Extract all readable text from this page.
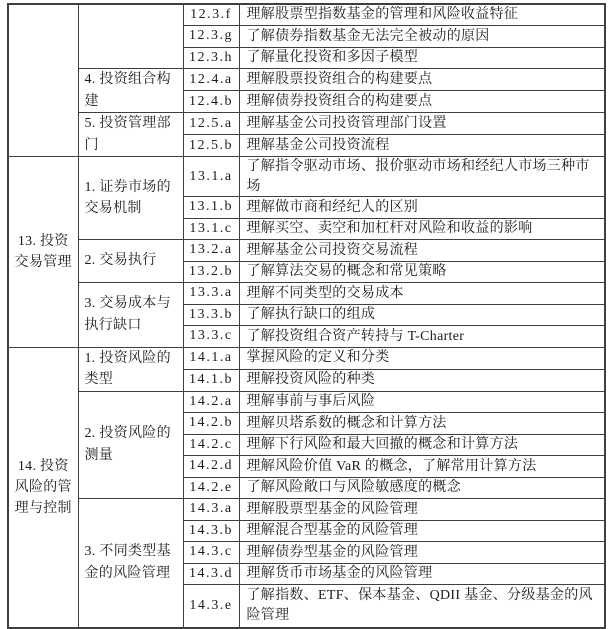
		12.3.f	理解股票型指数基金的管理和风险收益特征
		12.3.g	了解债券指数基金无法完全被动的原因
		12.3.h	了解量化投资和多因子模型
	4. 投资组合构建	12.4.a	理解股票投资组合的构建要点
		12.4.b	理解债券投资组合的构建要点
	5. 投资管理部门	12.5.a	理解基金公司投资管理部门设置
		12.5.b	理解基金公司投资流程
13. 投资交易管理	1. 证券市场的交易机制	13.1.a	了解指令驱动市场、报价驱动市场和经纪人市场三种市场
		13.1.b	理解做市商和经纪人的区别
		13.1.c	理解买空、卖空和加杠杆对风险和收益的影响
	2. 交易执行	13.2.a	理解基金公司投资交易流程
		13.2.b	了解算法交易的概念和常见策略
	3. 交易成本与执行缺口	13.3.a	理解不同类型的交易成本
		13.3.b	了解执行缺口的组成
		13.3.c	了解投资组合资产转持与 T-Charter
14. 投资风险的管理与控制	1. 投资风险的类型	14.1.a	掌握风险的定义和分类
		14.1.b	理解投资风险的种类
	2. 投资风险的测量	14.2.a	理解事前与事后风险
		14.2.b	理解贝塔系数的概念和计算方法
		14.2.c	理解下行风险和最大回撤的概念和计算方法
		14.2.d	理解风险价值 VaR 的概念，了解常用计算方法
		14.2.e	了解风险敞口与风险敏感度的概念
	3. 不同类型基金的风险管理	14.3.a	理解股票型基金的风险管理
		14.3.b	理解混合型基金的风险管理
		14.3.c	理解债券型基金的风险管理
		14.3.d	理解货币市场基金的风险管理
		14.3.e	了解指数、ETF、保本基金、QDII 基金、分级基金的风险管理
